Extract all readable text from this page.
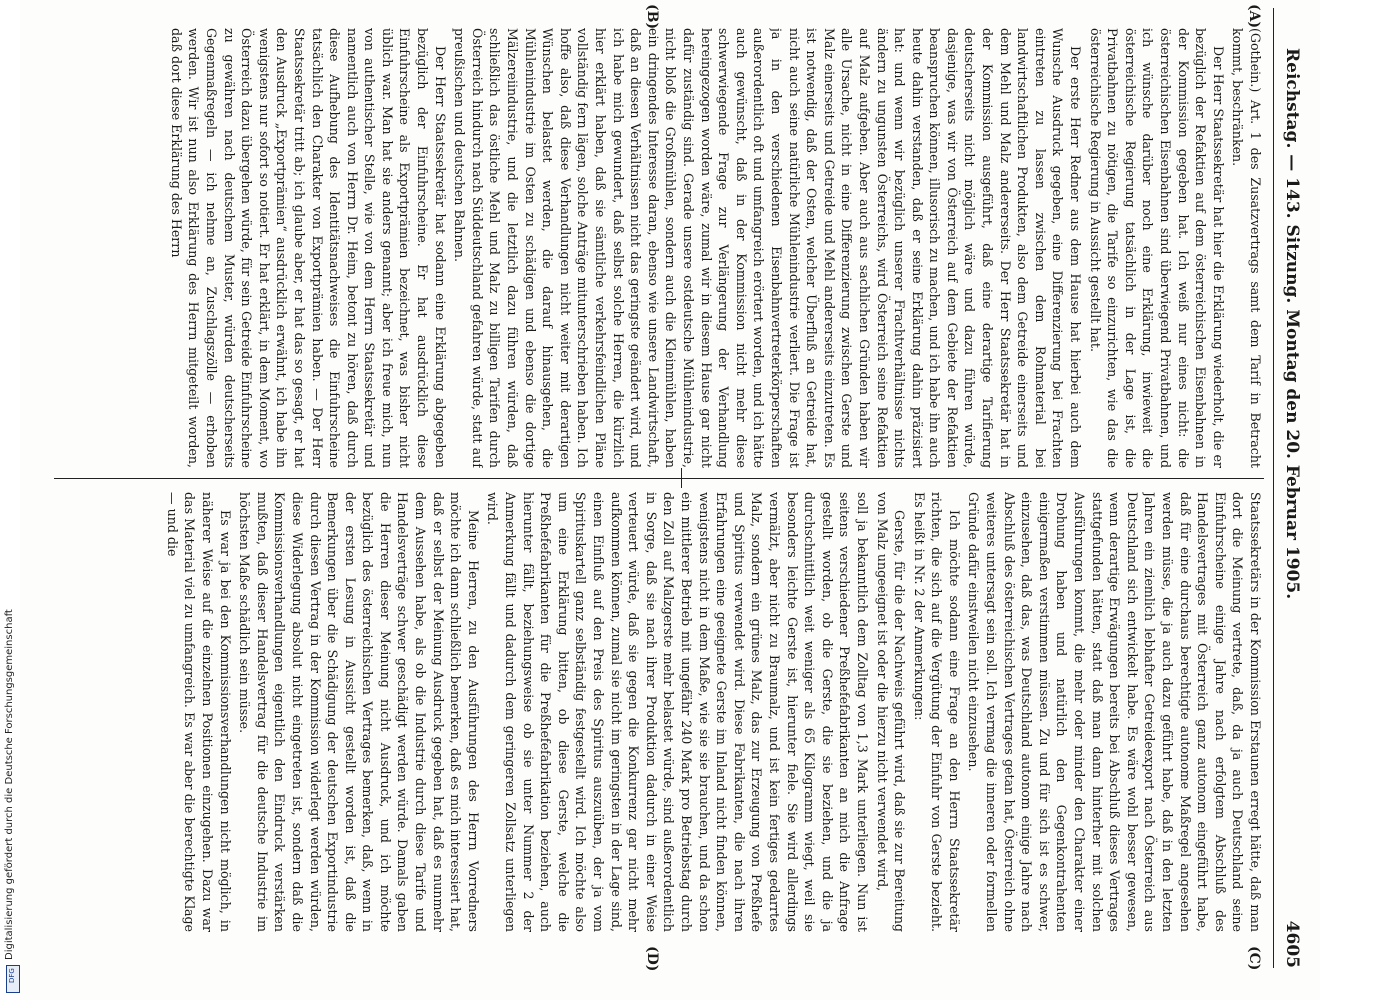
Reichstag. — 143. Sitzung. Montag den 20. Februar 1905.
4605
(A)
(B)
(C)
(D)

(Gothein.) Art. 1 des Zusatzvertrags samt dem Tarif in Betracht kommt, beschränken.

Der Herr Staatssekretär hat hier die Erklärung wiederholt, die er bezüglich der Refaktien auf dem österreichischen Eisenbahnen in der Kommission gegeben hat. Ich weiß nur eines nicht: die österreichischen Eisenbahnen sind überwiegend Privatbahnen, und ich wünsche darüber noch eine Erklärung, inwieweit die österreichische Regierung tatsächlich in der Lage ist, die Privatbahnen zu nötigen, die Tarife so einzurichten, wie das die österreichische Regierung in Aussicht gestellt hat.

Der erste Herr Redner aus dem Hause hat hierbei auch dem Wunsche Ausdruck gegeben, eine Differenzierung bei Frachten eintreten zu lassen zwischen dem Rohmaterial bei landwirtschaftlichen Produkten, also dem Getreide einerseits und dem Mehl und Malz andererseits. Der Herr Staatssekretär hat in der Kommission ausgeführt, daß eine derartige Tarifierung deutscherseits nicht möglich wäre und dazu führen würde, dasjenige, was wir von Österreich auf dem Gebiete der Refaktien beanspruchen können, illusorisch zu machen, und ich habe ihn auch heute dahin verstanden, daß er seine Erklärung dahin präzisiert hat: und wenn wir bezüglich unserer Frachtverhältnisse nichts ändern zu ungunsten Österreichs, wird Österreich seine Refaktien auf Malz aufgeben. Aber auch aus sachlichen Gründen haben wir alle Ursache, nicht in eine Differenzierung zwischen Gerste und Malz einerseits und Getreide und Mehl andererseits einzutreten. Es ist notwendig, daß der Osten, welcher Überfluß an Getreide hat, nicht auch seine natürliche Mühlenindustrie verliert. Die Frage ist ja in den verschiedenen Eisenbahnvertreterkörperschaften außerordentlich oft und umfangreich erörtert worden, und ich hätte auch gewünscht, daß in der Kommission nicht mehr diese schwerwiegende Frage zur Verlängerung der Verhandlung hereingezogen worden wäre, zumal wir in diesem Hause gar nicht dafür zuständig sind. Gerade unsere ostdeutsche Mühlenindustrie, nicht bloß die Großmühlen, sondern auch die Kleinmühlen, haben ein dringendes Interesse daran, ebenso wie unsere Landwirtschaft, daß an diesen Verhältnissen nicht das geringste geändert wird, und ich habe mich gewundert, daß selbst solche Herren, die kürzlich hier erklärt haben, daß sie sämtliche verkehrsfeindlichen Pläne vollständig fern lägen, solche Anträge mitunterschrieben haben. Ich hoffe also, daß diese Verhandlungen nicht weiter mit derartigen Wünschen belastet werden, die darauf hinausgehen, die Mühlenindustrie im Osten zu schädigen und ebenso die dortige Mälzereiindustrie, und die letztlich dazu führen würden, daß schließlich das östliche Mehl und Malz zu billigen Tarifen durch Österreich hindurch nach Süddeutschland gefahren würde, statt auf preußischen und deutschen Bahnen.

Der Herr Staatssekretär hat sodann eine Erklärung abgegeben bezüglich der Einfuhrscheine. Er hat ausdrücklich diese Einfuhrscheine als Exportprämien bezeichnet, was bisher nicht üblich war. Man hat sie anders genannt; aber ich freue mich, nun von authentischer Stelle, wie von dem Herrn Staatssekretär und namentlich auch von Herrn Dr. Heim, betont zu hören, daß durch diese Aufhebung des Identitätsnachweises die Einfuhrscheine tatsächlich den Charakter von Exportprämien haben. — Der Herr Staatssekretär tritt ab; ich glaube aber, er hat das so gesagt, er hat den Ausdruck „Exportprämien“ ausdrücklich erwähnt, ich habe ihn wenigstens nur sofort so notiert. Er hat erklärt, in dem Moment, wo Österreich dazu übergehen würde, für sein Getreide Einfuhrscheine zu gewähren nach deutschem Muster, würden deutscherseits Gegenmaßregeln — ich nehme an, Zuschlagszölle — erhoben werden. Wir ist nun also Erklärung des Herrn mitgeteilt worden, daß dort diese Erklärung des Herrn

Staatssekretärs in der Kommission Erstaunen erregt hätte, daß man dort die Meinung vertrete, daß, da ja auch Deutschland seine Einfuhrscheine einige Jahre nach erfolgtem Abschluß des Handelsvertrages mit Österreich ganz autonom eingeführt habe, daß für eine durchaus berechtigte autonome Maßregel angesehen werden müsse, die ja auch dazu geführt habe, daß in den letzten Jahren ein ziemlich lebhafter Getreideexport nach Österreich aus Deutschland sich entwickelt habe. Es wäre wohl besser gewesen, wenn derartige Erwägungen bereits bei Abschluß dieses Vertrages stattgefunden hätten, statt daß man dann hinterher mit solchen Ausführungen kommt, die mehr oder minder den Charakter einer Drohung haben und natürlich den Gegenkontrahenten einigermaßen verstimmen müssen. Zu und für sich ist es schwer, einzusehen, daß das, was Deutschland autonom einige Jahre nach Abschluß des österreichischen Vertrages getan hat, Österreich ohne weiteres untersagt sein soll. Ich vermag die inneren oder formellen Gründe dafür einstweilen nicht einzusehen.

Ich möchte sodann eine Frage an den Herrn Staatssekretär richten, die sich auf die Vergütung der Einfuhr von Gerste bezieht. Es heißt in Nr. 2 der Anmerkungen:

Gerste, für die der Nachweis geführt wird, daß sie zur Bereitung von Malz ungeeignet ist oder die hierzu nicht verwendet wird,

soll ja bekanntlich dem Zolltag von 1,3 Mark unterliegen. Nun ist seitens verschiedener Preßhefefabrikanten an mich die Anfrage gestellt worden, ob die Gerste, die sie beziehen, und die ja durchschnittlich weit weniger als 65 Kilogramm wiegt, weil sie besonders leichte Gerste ist, hierunter fiele. Sie wird allerdings vermälzt, aber nicht zu Braumalz, und ist kein fertiges gedarrtes Malz, sondern ein grünes Malz, das zur Erzeugung von Preßhefe und Spiritus verwendet wird. Diese Fabrikanten, die nach ihren Erfahrungen eine geeignete Gerste im Inland nicht finden können, wenigstens nicht in dem Maße, wie sie sie brauchen, und da schon ein mittlerer Betrieb mit ungefähr 240 Mark pro Betriebstag durch den Zoll auf Malzgerste mehr belastet würde, sind außerordentlich in Sorge, daß sie nach ihrer Produktion dadurch in einer Weise verteuert würde, daß sie gegen die Konkurrenz gar nicht mehr aufkommen können, zumal sie nicht im geringsten in der Lage sind, einen Einfluß auf den Preis des Spiritus auszuüben, der ja vom Spirituskartell ganz selbständig festgestellt wird. Ich möchte also um eine Erklärung bitten, ob diese Gerste, welche die Preßhefefabrikanten für die Preßhefefabrikation beziehen, auch hierunter fällt, beziehungsweise ob sie unter Nummer 2 der Anmerkung fällt und dadurch dem geringeren Zollsatz unterliegen wird.

Meine Herren, zu den Ausführungen des Herrn Vorredners möchte ich dann schließlich bemerken, daß es mich interessiert hat, daß er selbst der Meinung Ausdruck gegeben hat, daß es nunmehr dem Aussehen habe, als ob die Industrie durch diese Tarife und Handelsverträge schwer geschädigt werden würde. Damals gaben die Herren dieser Meinung nicht Ausdruck, und ich möchte bezüglich des österreichischen Vertrages bemerken, daß, wenn in der ersten Lesung in Aussicht gestellt worden ist, daß die Bemerkungen über die Schädigung der deutschen Exportindustrie durch diesen Vertrag in der Kommission widerlegt werden würden, diese Widerlegung absolut nicht eingetreten ist, sondern daß die Kommissionsverhandlungen eigentlich den Eindruck verstärken mußten, daß dieser Handelsvertrag für die deutsche Industrie im höchsten Maße schädlich sein müsse.

Es war ja bei den Kommissionsverhandlungen nicht möglich, in näherer Weise auf die einzelnen Positionen einzugehen. Dazu war das Material viel zu umfangreich. Es war aber die berechtigte Klage — und die

Digitalisierung gefördert durch die Deutsche Forschungsgemeinschaft
DFG
